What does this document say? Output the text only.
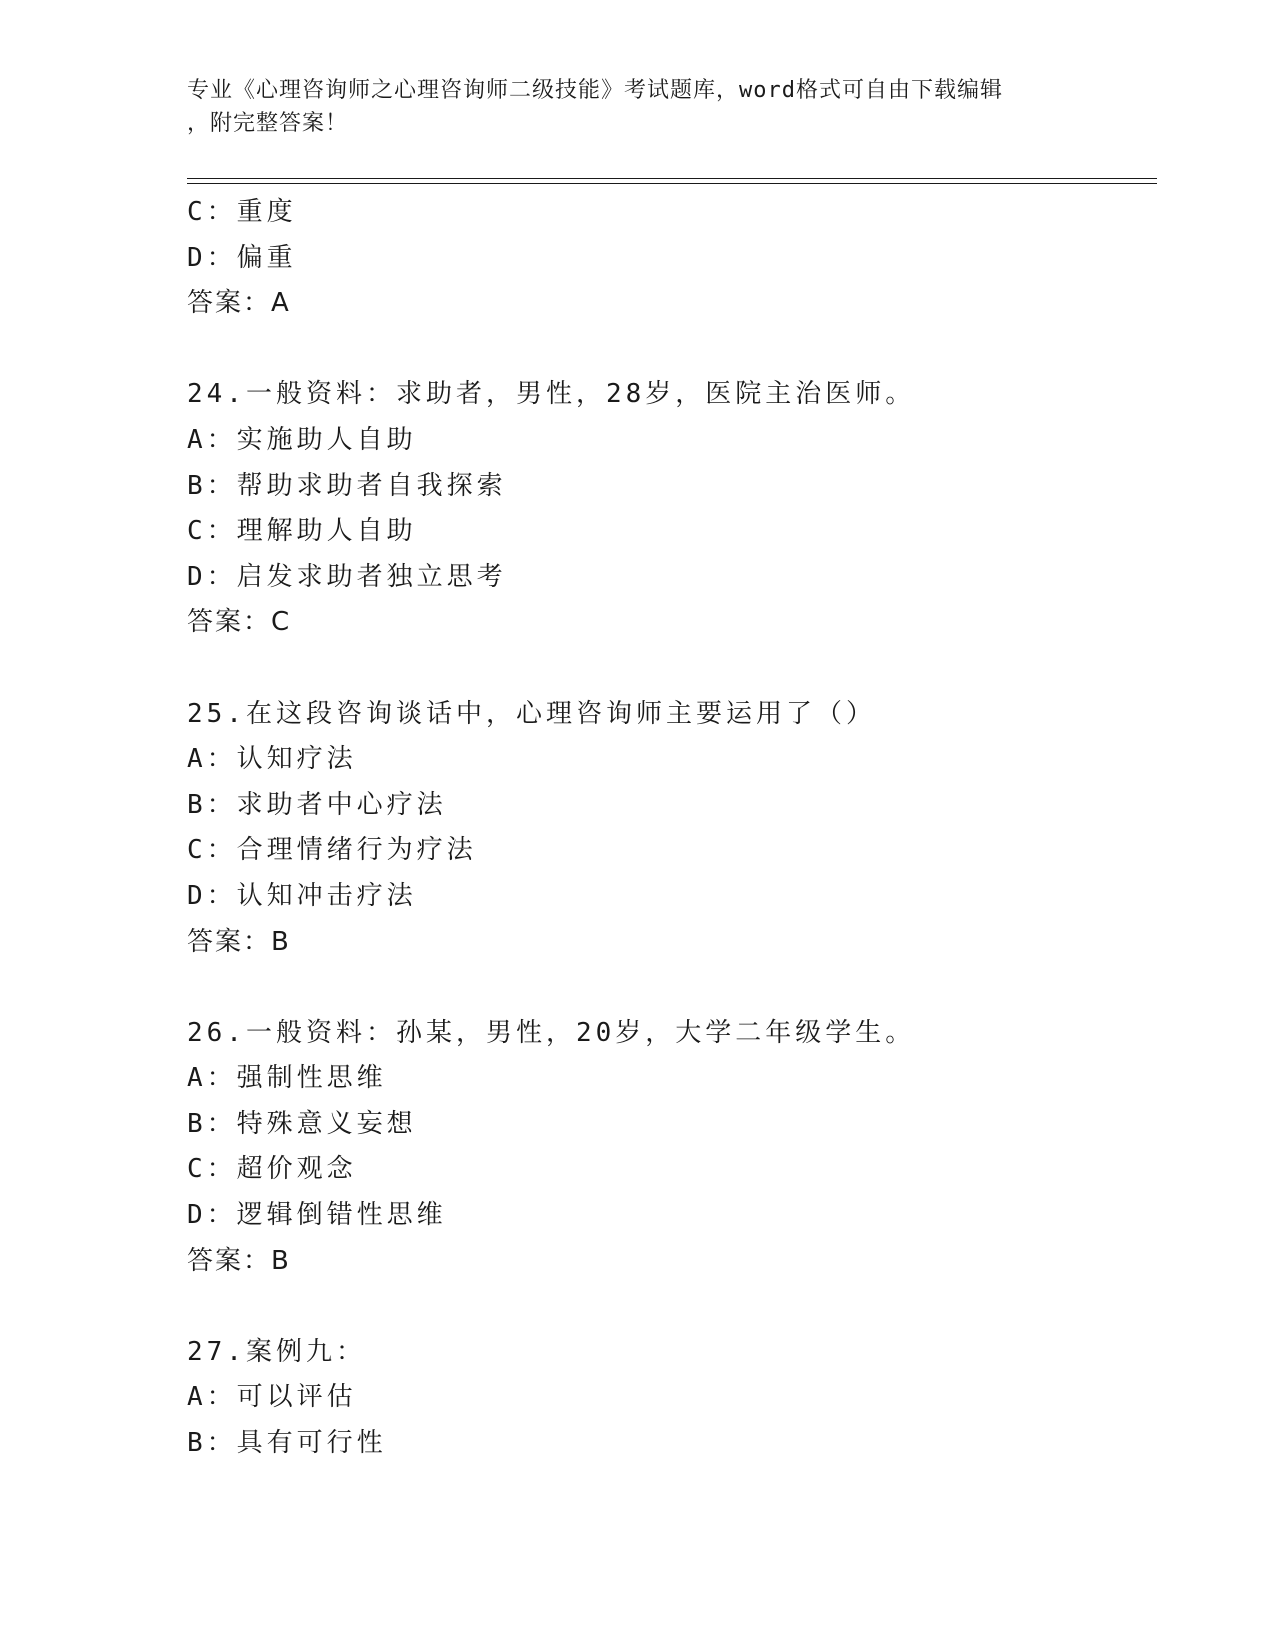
专业《心理咨询师之心理咨询师二级技能》考试题库，word格式可自由下载编辑
，附完整答案！
C：重度
D：偏重
答案：A
24.一般资料：求助者，男性，28岁，医院主治医师。
A：实施助人自助
B：帮助求助者自我探索
C：理解助人自助
D：启发求助者独立思考
答案：C
25.在这段咨询谈话中，心理咨询师主要运用了（）
A：认知疗法
B：求助者中心疗法
C：合理情绪行为疗法
D：认知冲击疗法
答案：B
26.一般资料：孙某，男性，20岁，大学二年级学生。
A：强制性思维
B：特殊意义妄想
C：超价观念
D：逻辑倒错性思维
答案：B
27.案例九：
A：可以评估
B：具有可行性
